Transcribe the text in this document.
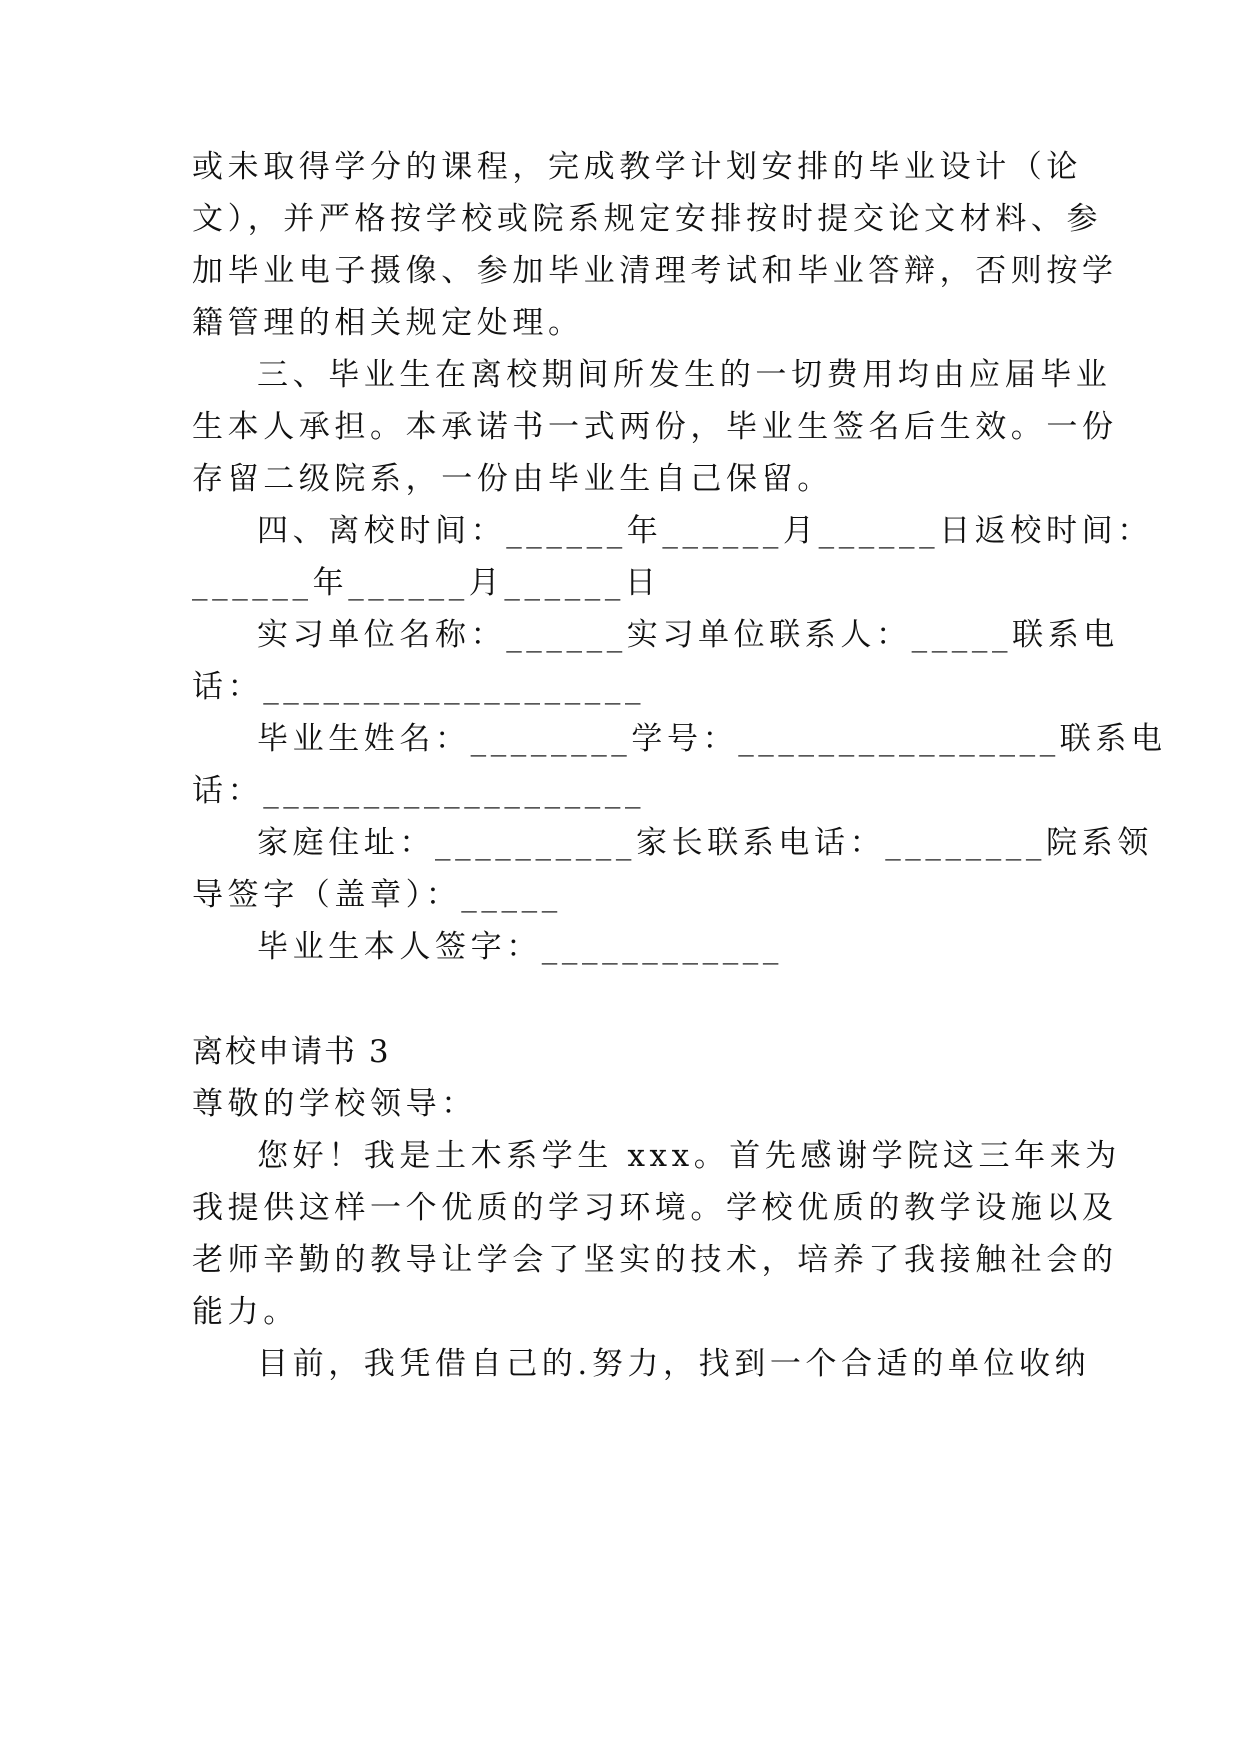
或未取得学分的课程，完成教学计划安排的毕业设计（论
文），并严格按学校或院系规定安排按时提交论文材料、参
加毕业电子摄像、参加毕业清理考试和毕业答辩，否则按学
籍管理的相关规定处理。
三、毕业生在离校期间所发生的一切费用均由应届毕业
生本人承担。本承诺书一式两份，毕业生签名后生效。一份
存留二级院系，一份由毕业生自己保留。
四、离校时间：______年______月______日返校时间：
______年______月______日
实习单位名称：______实习单位联系人：_____联系电
话：___________________
毕业生姓名：________学号：________________联系电
话：___________________
家庭住址：__________家长联系电话：________院系领
导签字（盖章）：_____
毕业生本人签字：____________
离校申请书 3
尊敬的学校领导：
您好！我是土木系学生 xxx。首先感谢学院这三年来为
我提供这样一个优质的学习环境。学校优质的教学设施以及
老师辛勤的教导让学会了坚实的技术，培养了我接触社会的
能力。
目前，我凭借自己的.努力，找到一个合适的单位收纳
